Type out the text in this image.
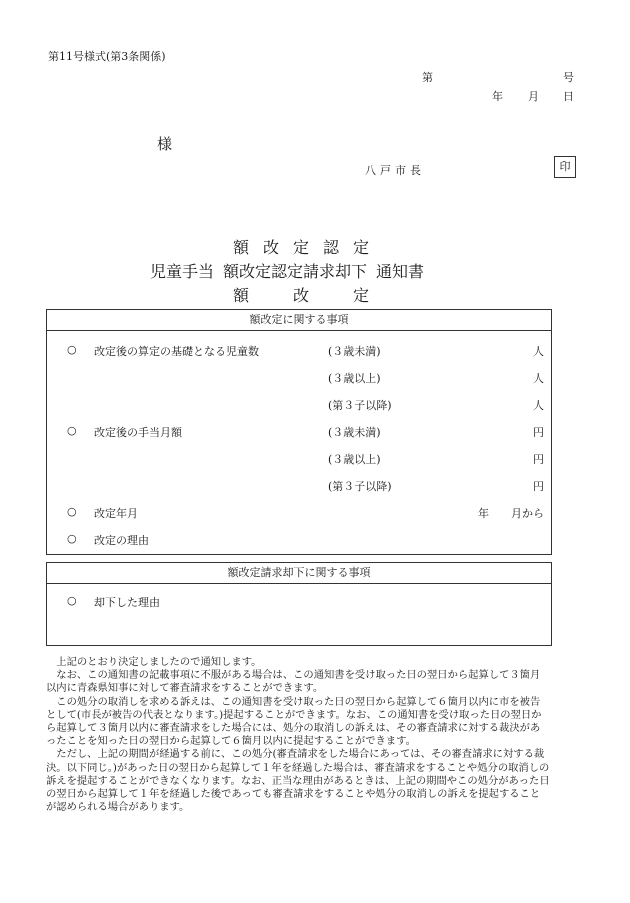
第11号様式(第3条関係)
第	号
年 月 日
様
八戸市長	印
額改定認定
児童手当 額改定認定請求却下 通知書
額	改	定
額改定に関する事項
○ 改定後の算定の基礎となる児童数	(３歳未満)	人
(３歳以上)	人
(第３子以降)	人
○ 改定後の手当月額	(３歳未満)	円
(３歳以上)	円
(第３子以降)	円
○ 改定年月	年　　月から
○ 改定の理由
額改定請求却下に関する事項
○ 却下した理由

上記のとおり決定しましたので通知します。

なお、この通知書の記載事項に不服がある場合は、この通知書を受け取った日の翌日から起算して３箇月以内に青森県知事に対して審査請求をすることができます。

この処分の取消しを求める訴えは、この通知書を受け取った日の翌日から起算して６箇月以内に市を被告として(市長が被告の代表となります。)提起することができます。なお、この通知書を受け取った日の翌日から起算して３箇月以内に審査請求をした場合には、処分の取消しの訴えは、その審査請求に対する裁決があったことを知った日の翌日から起算して６箇月以内に提起することができます。

ただし、上記の期間が経過する前に、この処分(審査請求をした場合にあっては、その審査請求に対する裁決。以下同じ。)があった日の翌日から起算して１年を経過した場合は、審査請求をすることや処分の取消しの訴えを提起することができなくなります。なお、正当な理由があるときは、上記の期間やこの処分があった日の翌日から起算して１年を経過した後であっても審査請求をすることや処分の取消しの訴えを提起することが認められる場合があります。
